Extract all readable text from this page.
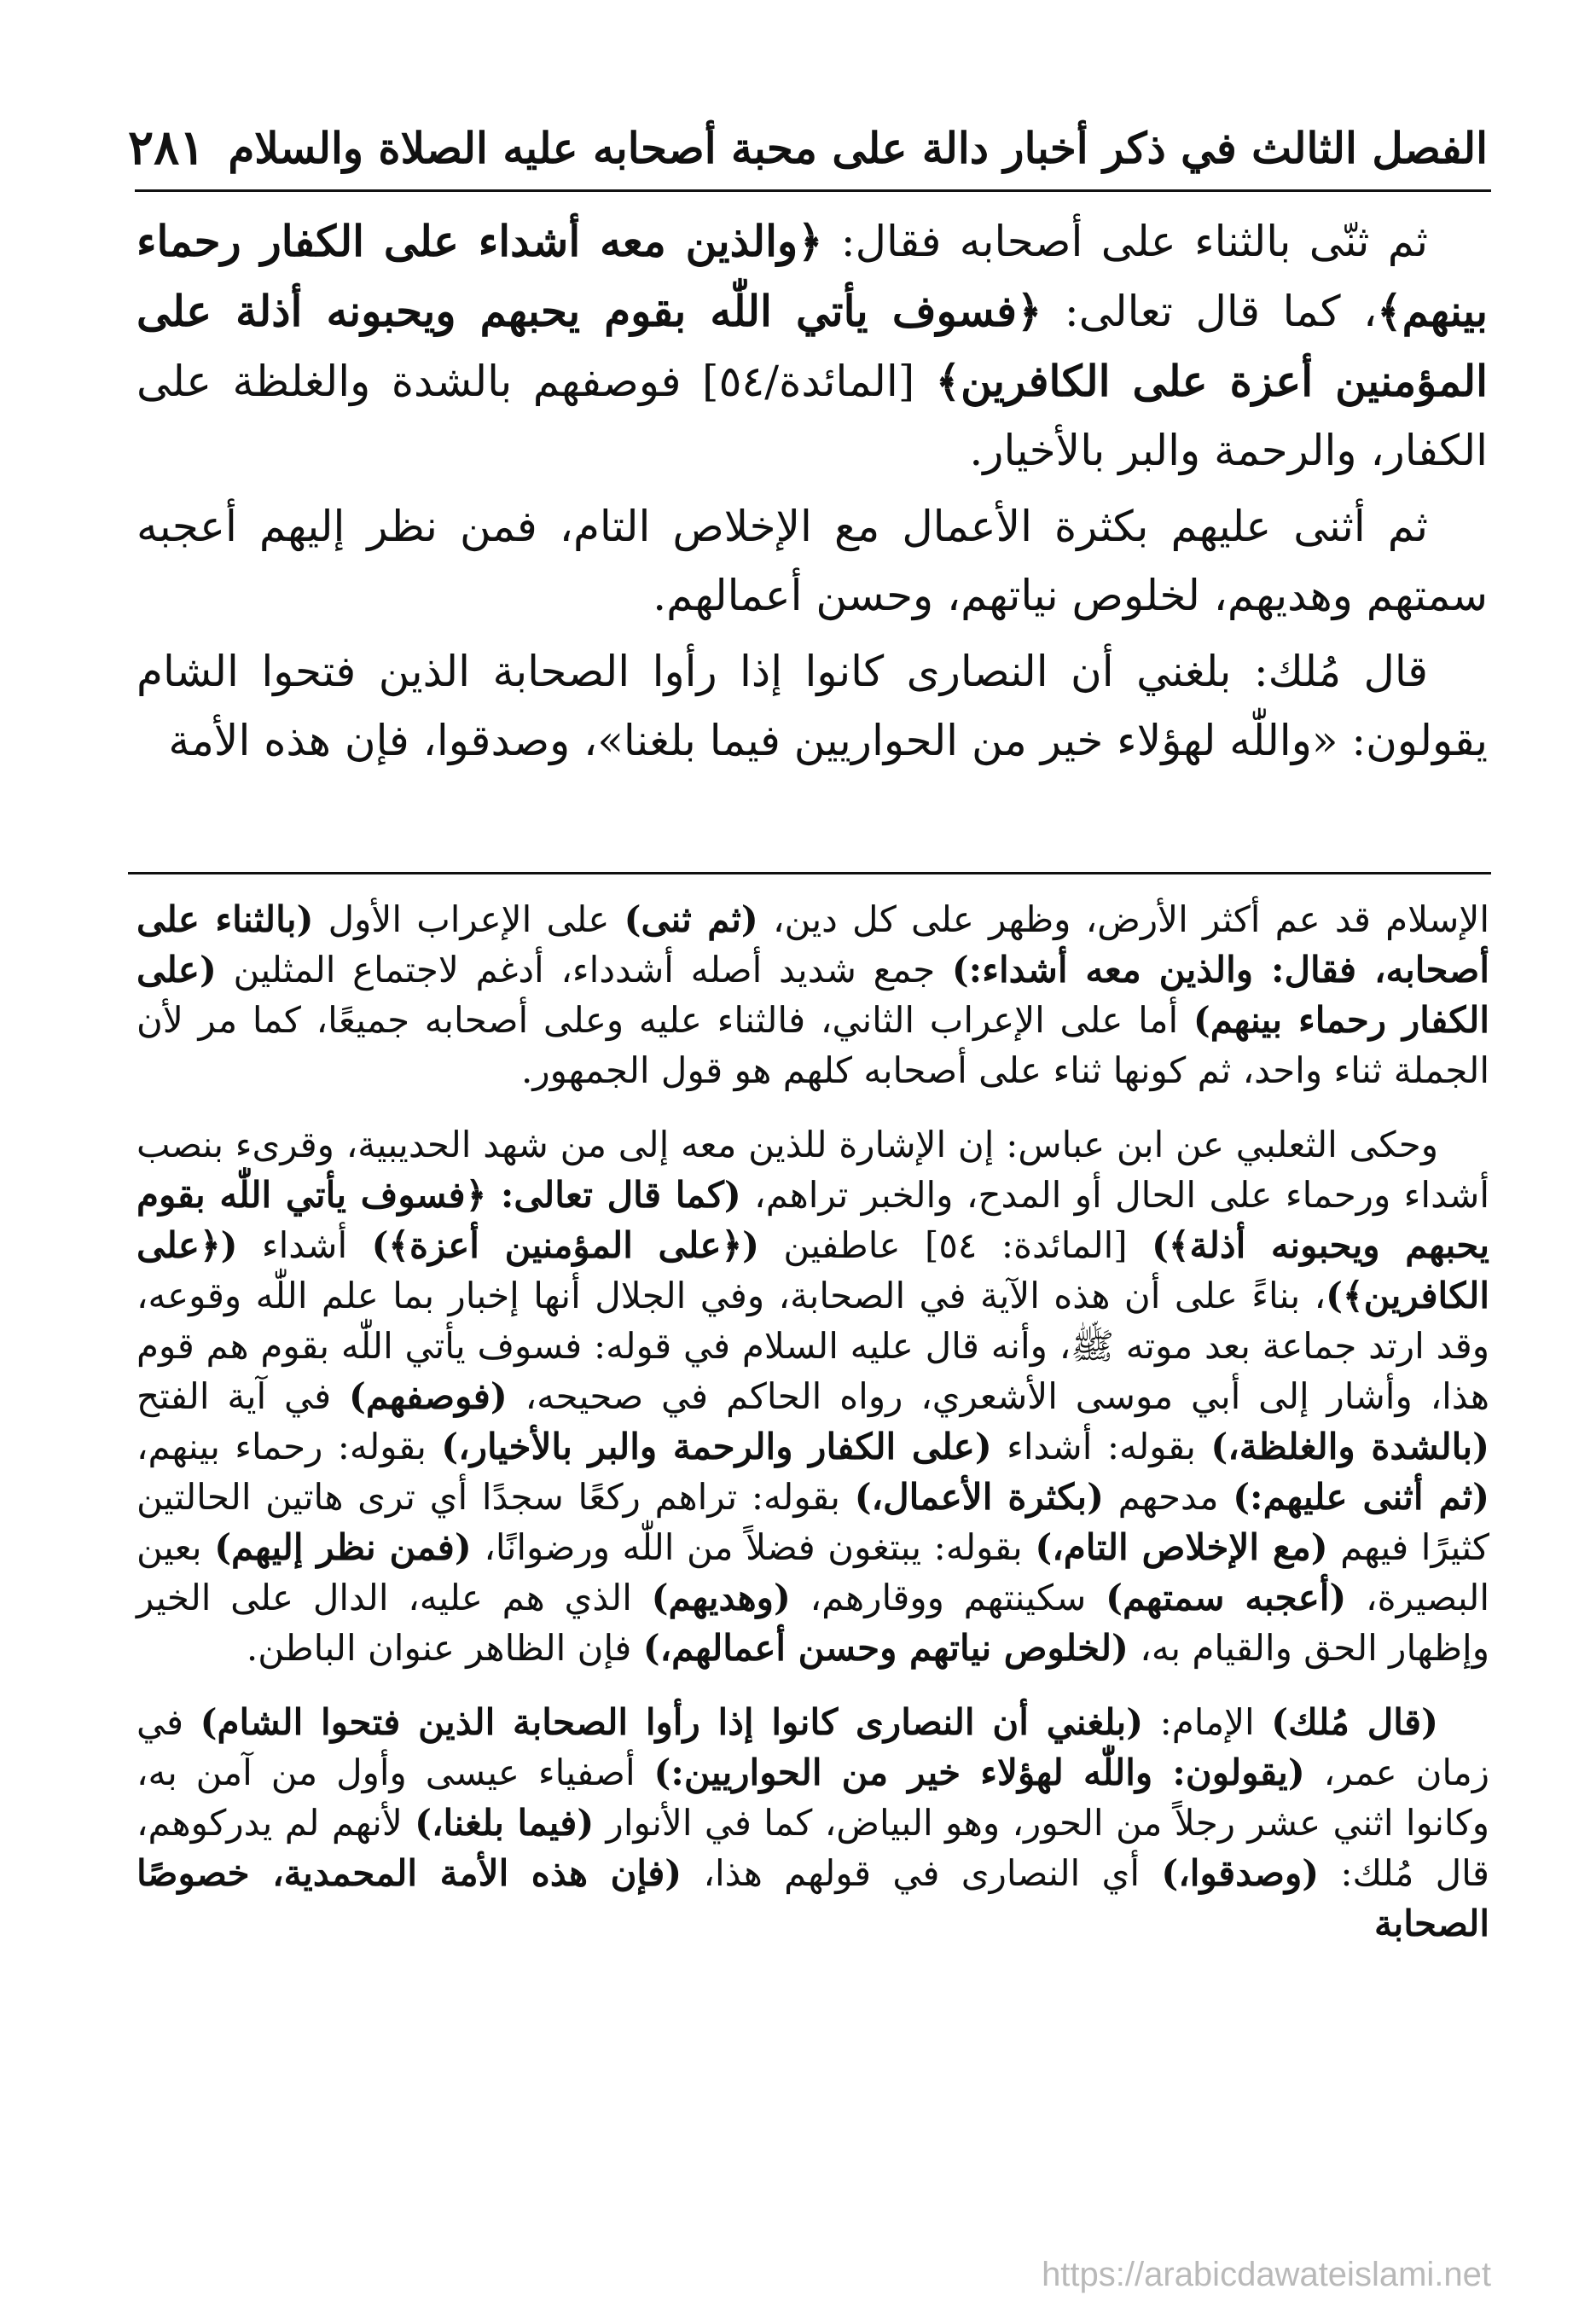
الفصل الثالث في ذكر أخبار دالة على محبة أصحابه عليه الصلاة والسلام
٢٨١

ثم ثنّى بالثناء على أصحابه فقال: ﴿والذين معه أشداء على الكفار رحماء بينهم﴾، كما قال تعالى: ﴿فسوف يأتي اللّٰه بقوم يحبهم ويحبونه أذلة على المؤمنين أعزة على الكافرين﴾ [المائدة/٥٤] فوصفهم بالشدة والغلظة على الكفار، والرحمة والبر بالأخيار.

ثم أثنى عليهم بكثرة الأعمال مع الإخلاص التام، فمن نظر إليهم أعجبه سمتهم وهديهم، لخلوص نياتهم، وحسن أعمالهم.

قال مُلك: بلغني أن النصارى كانوا إذا رأوا الصحابة الذين فتحوا الشام يقولون: «واللّٰه لهؤلاء خير من الحواريين فيما بلغنا»، وصدقوا، فإن هذه الأمة

الإسلام قد عم أكثر الأرض، وظهر على كل دين، (ثم ثنى) على الإعراب الأول (بالثناء على أصحابه، فقال: والذين معه أشداء:) جمع شديد أصله أشدداء، أدغم لاجتماع المثلين (على الكفار رحماء بينهم) أما على الإعراب الثاني، فالثناء عليه وعلى أصحابه جميعًا، كما مر لأن الجملة ثناء واحد، ثم كونها ثناء على أصحابه كلهم هو قول الجمهور.

وحكى الثعلبي عن ابن عباس: إن الإشارة للذين معه إلى من شهد الحديبية، وقرىء بنصب أشداء ورحماء على الحال أو المدح، والخبر تراهم، (كما قال تعالى: ﴿فسوف يأتي اللّٰه بقوم يحبهم ويحبونه أذلة﴾) [المائدة: ٥٤] عاطفين (﴿على المؤمنين أعزة﴾) أشداء (﴿على الكافرين﴾)، بناءً على أن هذه الآية في الصحابة، وفي الجلال أنها إخبار بما علم اللّٰه وقوعه، وقد ارتد جماعة بعد موته ﷺ، وأنه قال عليه السلام في قوله: فسوف يأتي اللّٰه بقوم هم قوم هذا، وأشار إلى أبي موسى الأشعري، رواه الحاكم في صحيحه، (فوصفهم) في آية الفتح (بالشدة والغلظة،) بقوله: أشداء (على الكفار والرحمة والبر بالأخيار،) بقوله: رحماء بينهم، (ثم أثنى عليهم:) مدحهم (بكثرة الأعمال،) بقوله: تراهم ركعًا سجدًا أي ترى هاتين الحالتين كثيرًا فيهم (مع الإخلاص التام،) بقوله: يبتغون فضلاً من اللّٰه ورضوانًا، (فمن نظر إليهم) بعين البصيرة، (أعجبه سمتهم) سكينتهم ووقارهم، (وهديهم) الذي هم عليه، الدال على الخير وإظهار الحق والقيام به، (لخلوص نياتهم وحسن أعمالهم،) فإن الظاهر عنوان الباطن.

(قال مُلك) الإمام: (بلغني أن النصارى كانوا إذا رأوا الصحابة الذين فتحوا الشام) في زمان عمر، (يقولون: واللّٰه لهؤلاء خير من الحواريين:) أصفياء عيسى وأول من آمن به، وكانوا اثني عشر رجلاً من الحور، وهو البياض، كما في الأنوار (فيما بلغنا،) لأنهم لم يدركوهم، قال مُلك: (وصدقوا،) أي النصارى في قولهم هذا، (فإن هذه الأمة المحمدية، خصوصًا الصحابة

https://arabicdawateislami.net
